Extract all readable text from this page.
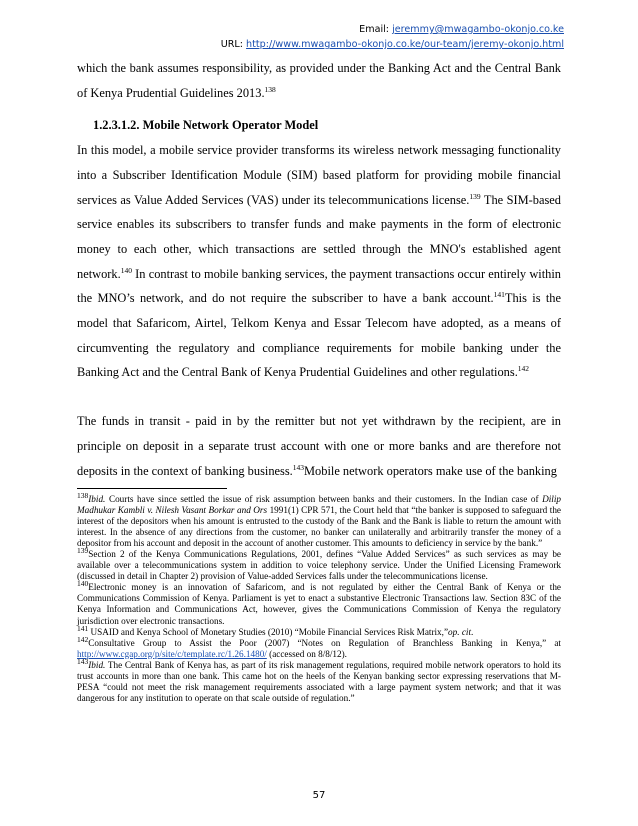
Email: jeremmy@mwagambo-okonjo.co.ke
URL: http://www.mwagambo-okonjo.co.ke/our-team/jeremy-okonjo.html

which the bank assumes responsibility, as provided under the Banking Act and the Central Bank of Kenya Prudential Guidelines 2013.$^{138}$

1.2.3.1.2. Mobile Network Operator Model

In this model, a mobile service provider transforms its wireless network messaging functionality into a Subscriber Identification Module (SIM) based platform for providing mobile financial services as Value Added Services (VAS) under its telecommunications license.$^{139}$ The SIM-based service enables its subscribers to transfer funds and make payments in the form of electronic money to each other, which transactions are settled through the MNO's established agent network.$^{140}$ In contrast to mobile banking services, the payment transactions occur entirely within the MNO’s network, and do not require the subscriber to have a bank account.$^{141}$This is the model that Safaricom, Airtel, Telkom Kenya and Essar Telecom have adopted, as a means of circumventing the regulatory and compliance requirements for mobile banking under the Banking Act and the Central Bank of Kenya Prudential Guidelines and other regulations.$^{142}$

The funds in transit - paid in by the remitter but not yet withdrawn by the recipient, are in principle on deposit in a separate trust account with one or more banks and are therefore not deposits in the context of banking business.$^{143}$Mobile network operators make use of the banking

$^{138}$Ibid. Courts have since settled the issue of risk assumption between banks and their customers. In the Indian case of Dilip Madhukar Kambli v. Nilesh Vasant Borkar and Ors 1991(1) CPR 571, the Court held that “the banker is supposed to safeguard the interest of the depositors when his amount is entrusted to the custody of the Bank and the Bank is liable to return the amount with interest. In the absence of any directions from the customer, no banker can unilaterally and arbitrarily transfer the money of a depositor from his account and deposit in the account of another customer. This amounts to deficiency in service by the bank.”

$^{139}$Section 2 of the Kenya Communications Regulations, 2001, defines “Value Added Services” as such services as may be available over a telecommunications system in addition to voice telephony service. Under the Unified Licensing Framework (discussed in detail in Chapter 2) provision of Value-added Services falls under the telecommunications license.

$^{140}$Electronic money is an innovation of Safaricom, and is not regulated by either the Central Bank of Kenya or the Communications Commission of Kenya. Parliament is yet to enact a substantive Electronic Transactions law. Section 83C of the Kenya Information and Communications Act, however, gives the Communications Commission of Kenya the regulatory jurisdiction over electronic transactions.

$^{141}$ USAID and Kenya School of Monetary Studies (2010) “Mobile Financial Services Risk Matrix,”op. cit.

$^{142}$Consultative Group to Assist the Poor (2007) “Notes on Regulation of Branchless Banking in Kenya,” at http://www.cgap.org/p/site/c/template.rc/1.26.1480/ (accessed on 8/8/12).

$^{143}$Ibid. The Central Bank of Kenya has, as part of its risk management regulations, required mobile network operators to hold its trust accounts in more than one bank. This came hot on the heels of the Kenyan banking sector expressing reservations that M-PESA “could not meet the risk management requirements associated with a large payment system network; and that it was dangerous for any institution to operate on that scale outside of regulation.”

57
